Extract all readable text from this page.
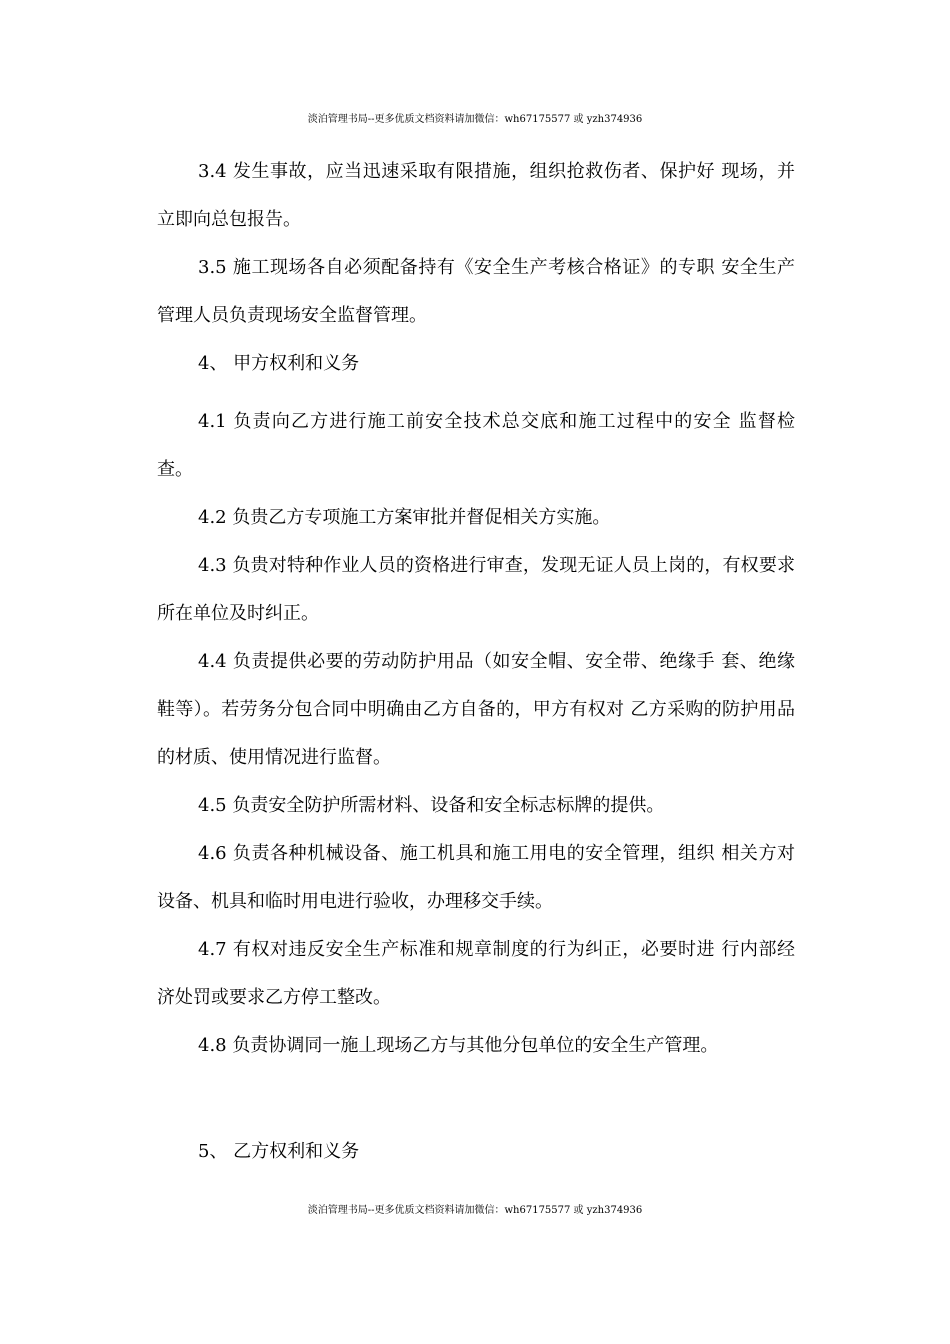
淡泊管理书局--更多优质文档资料请加微信：wh67175577 或 yzh374936

3.4 发生事故，应当迅速采取有限措施，组织抢救伤者、保护好 现场，并立即向总包报告。

3.5 施工现场各自必须配备持有《安全生产考核合格证》的专职 安全生产管理人员负责现场安全监督管理。

4、 甲方权利和义务

4.1 负责向乙方进行施工前安全技术总交底和施工过程中的安全 监督检查。

4.2 负贵乙方专项施工方案审批并督促相关方实施。

4.3 负贵对特种作业人员的资格进行审查，发现无证人员上岗的，有权要求所在单位及时纠正。

4.4 负责提供必要的劳动防护用品（如安全帽、安全带、绝缘手 套、绝缘鞋等）。若劳务分包合同中明确由乙方自备的，甲方有权对 乙方采购的防护用品的材质、使用情况进行监督。

4.5 负责安全防护所需材料、设备和安全标志标牌的提供。

4.6 负责各种机械设备、施工机具和施工用电的安全管理，组织 相关方对设备、机具和临时用电进行验收，办理移交手续。

4.7 有权对违反安全生产标准和规章制度的行为纠正，必要时进 行内部经济处罚或要求乙方停工整改。

4.8 负责协调同一施丄现场乙方与其他分包单位的安全生产管理。

5、 乙方权利和义务

淡泊管理书局--更多优质文档资料请加微信：wh67175577 或 yzh374936
